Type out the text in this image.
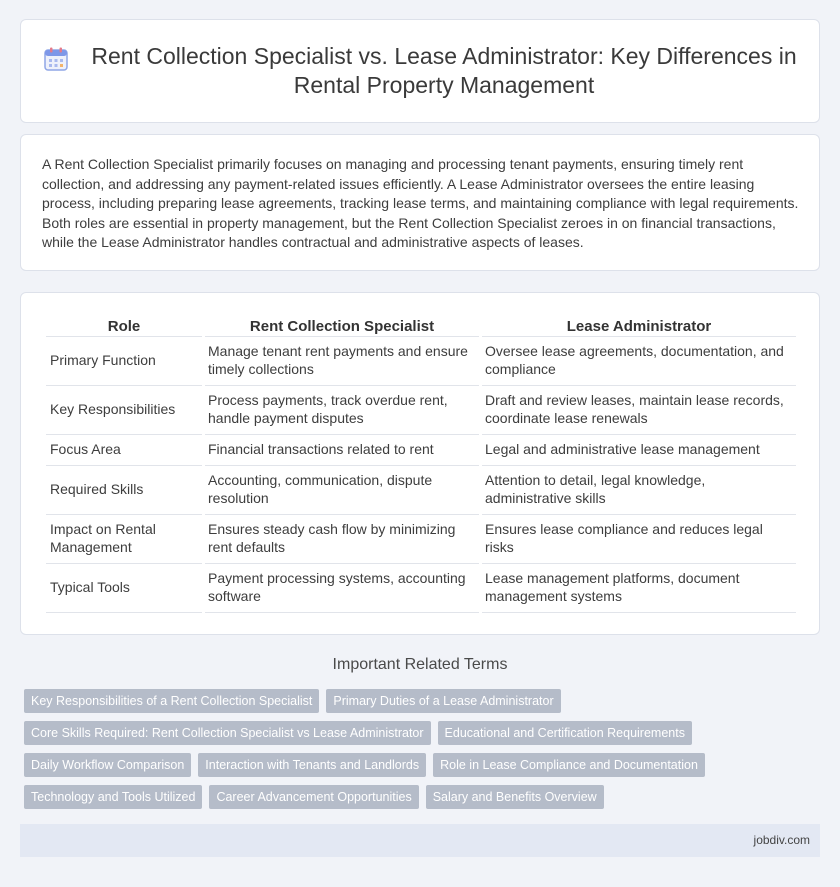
Rent Collection Specialist vs. Lease Administrator: Key Differences in Rental Property Management

A Rent Collection Specialist primarily focuses on managing and processing tenant payments, ensuring timely rent collection, and addressing any payment-related issues efficiently. A Lease Administrator oversees the entire leasing process, including preparing lease agreements, tracking lease terms, and maintaining compliance with legal requirements. Both roles are essential in property management, but the Rent Collection Specialist zeroes in on financial transactions, while the Lease Administrator handles contractual and administrative aspects of leases.

Role	Rent Collection Specialist	Lease Administrator
Primary Function	Manage tenant rent payments and ensure timely collections	Oversee lease agreements, documentation, and compliance
Key Responsibilities	Process payments, track overdue rent, handle payment disputes	Draft and review leases, maintain lease records, coordinate lease renewals
Focus Area	Financial transactions related to rent	Legal and administrative lease management
Required Skills	Accounting, communication, dispute resolution	Attention to detail, legal knowledge, administrative skills
Impact on Rental Management	Ensures steady cash flow by minimizing rent defaults	Ensures lease compliance and reduces legal risks
Typical Tools	Payment processing systems, accounting software	Lease management platforms, document management systems
Important Related Terms
Key Responsibilities of a Rent Collection Specialist	Primary Duties of a Lease Administrator
Core Skills Required: Rent Collection Specialist vs Lease Administrator	Educational and Certification Requirements
Daily Workflow Comparison	Interaction with Tenants and Landlords	Role in Lease Compliance and Documentation
Technology and Tools Utilized	Career Advancement Opportunities	Salary and Benefits Overview
jobdiv.com
